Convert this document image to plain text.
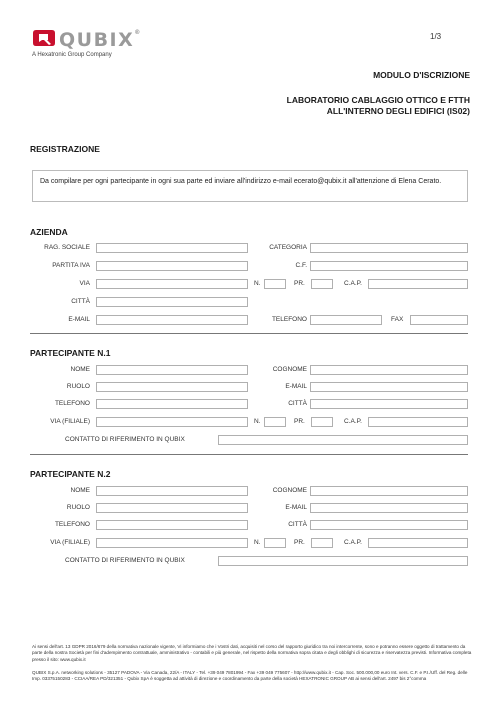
QUBIX®
A Hexatronic Group Company
1/3
MODULO D'ISCRIZIONE
LABORATORIO CABLAGGIO OTTICO E FTTH
ALL'INTERNO DEGLI EDIFICI (IS02)
REGISTRAZIONE
Da compilare per ogni partecipante in ogni sua parte ed inviare all'indirizzo e-mail ecerato@qubix.it all'attenzione di Elena Cerato.
AZIENDA
RAG. SOCIALE	CATEGORIA
PARTITA IVA	C.F.
VIA	N.	PR.	C.A.P.
CITTÀ
E-MAIL	TELEFONO	FAX
PARTECIPANTE N.1
NOME	COGNOME
RUOLO	E-MAIL
TELEFONO	CITTÀ
VIA (FILIALE)	N.	PR.	C.A.P.
CONTATTO DI RIFERIMENTO IN QUBIX
PARTECIPANTE N.2
NOME	COGNOME
RUOLO	E-MAIL
TELEFONO	CITTÀ
VIA (FILIALE)	N.	PR.	C.A.P.
CONTATTO DI RIFERIMENTO IN QUBIX
Ai sensi dell'art. 13 GDPR 2016/679 della normativa nazionale vigente, Vi informiamo che i Vostri dati, acquisiti nel corso del rapporto giuridico tra noi intercorrente, sono e potranno essere oggetto di trattamento da parte della nostra Società per fini d'adempimento contrattuale, amministrativo - contabili e più generale, nel rispetto della normativa sopra citata e degli obblighi di sicurezza e riservatezza previsti. Informativa completa presso il sito: www.qubix.it
QUBIX S.p.A. networking solutions - 35127 PADOVA - Via Canada, 22/A - ITALY - Tel. +39 049 7801994 - Fax +39 049 775607 - http://www.qubix.it - Cap. Soc. 500.000,00 euro Int. vers. C.F. e P.I./Uff. del Reg. delle Imp. 03375150283 - CCIAA/REA PD/321351 - Qubix SpA è soggetta ad attività di direzione e coordinamento da parte della società HEXATRONIC GROUP AB ai sensi dell'art. 2497 bis 2°comma
